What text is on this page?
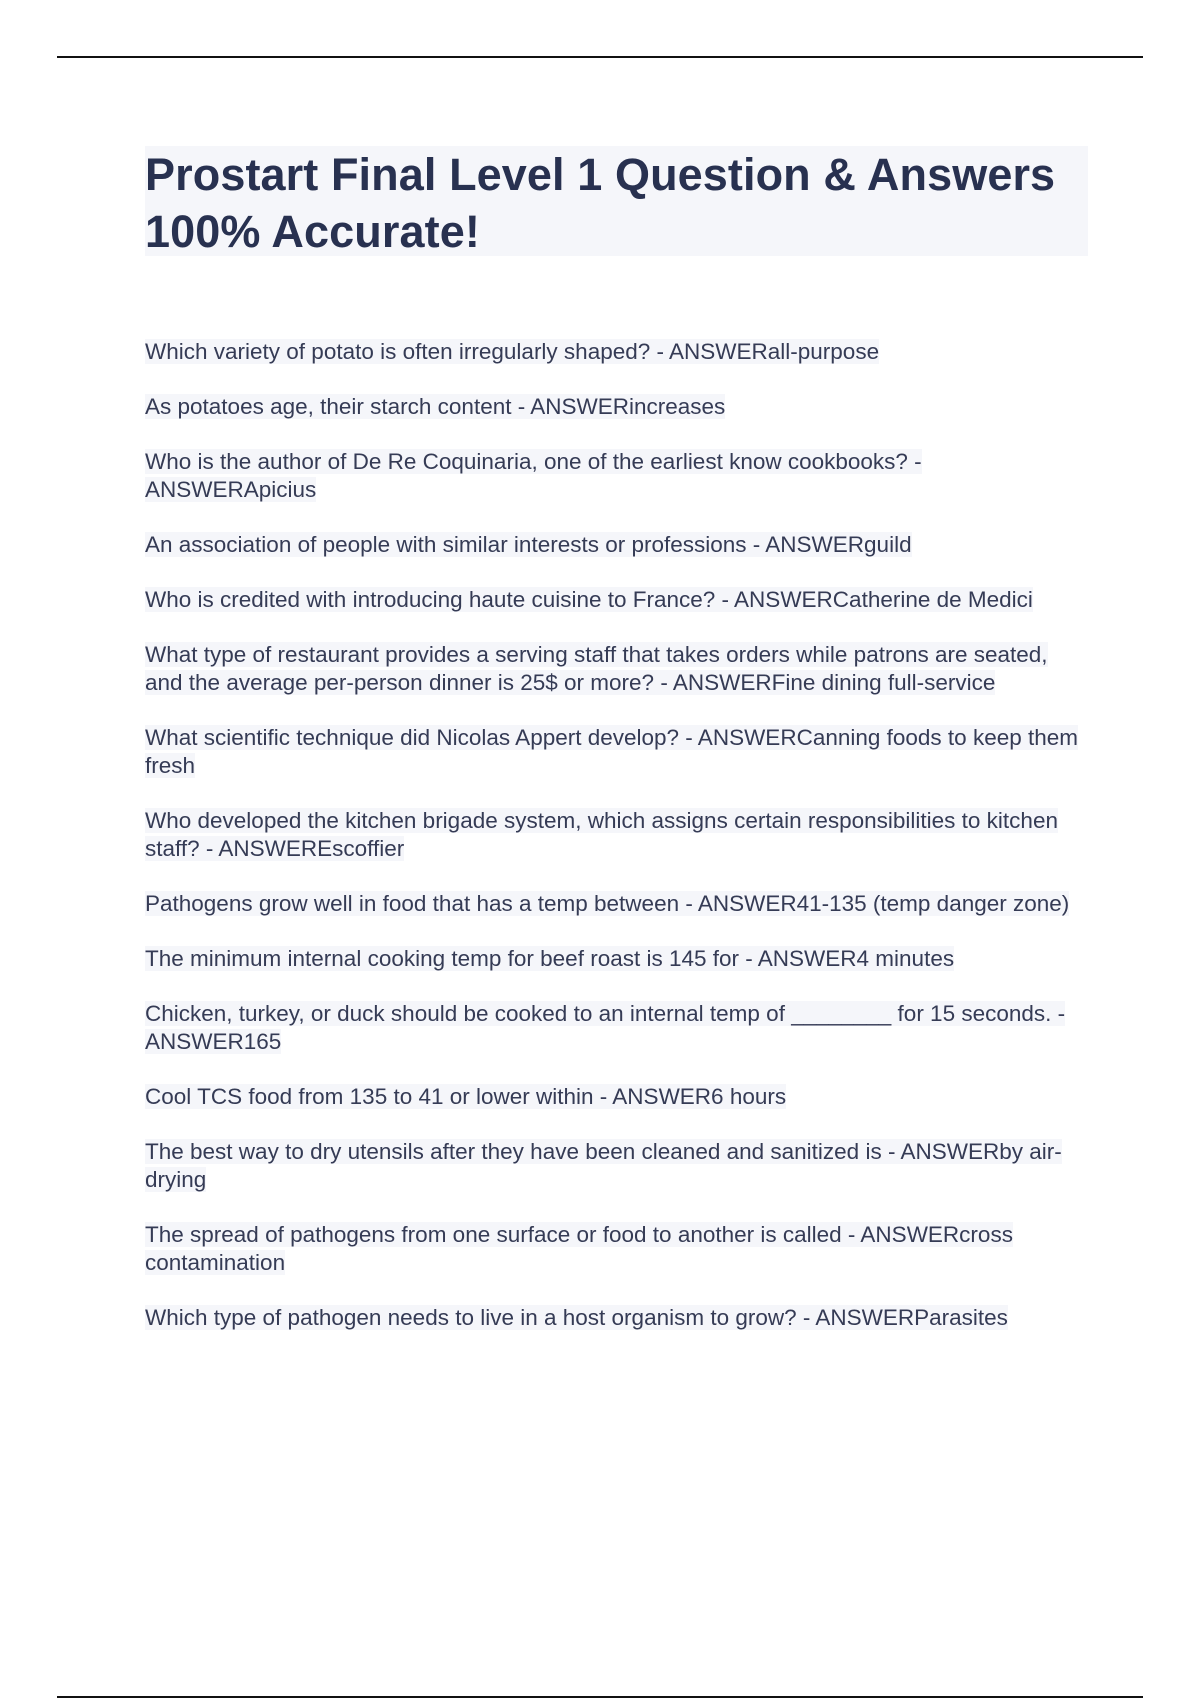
Prostart Final Level 1 Question & Answers 100% Accurate!
Which variety of potato is often irregularly shaped? - ANSWERall-purpose
As potatoes age, their starch content - ANSWERincreases
Who is the author of De Re Coquinaria, one of the earliest know cookbooks? - ANSWERApicius
An association of people with similar interests or professions - ANSWERguild
Who is credited with introducing haute cuisine to France? - ANSWERCatherine de Medici
What type of restaurant provides a serving staff that takes orders while patrons are seated, and the average per-person dinner is 25$ or more? - ANSWERFine dining full-service
What scientific technique did Nicolas Appert develop? - ANSWERCanning foods to keep them fresh
Who developed the kitchen brigade system, which assigns certain responsibilities to kitchen staff? - ANSWEREscoffier
Pathogens grow well in food that has a temp between - ANSWER41-135 (temp danger zone)
The minimum internal cooking temp for beef roast is 145 for - ANSWER4 minutes
Chicken, turkey, or duck should be cooked to an internal temp of ________ for 15 seconds. - ANSWER165
Cool TCS food from 135 to 41 or lower within - ANSWER6 hours
The best way to dry utensils after they have been cleaned and sanitized is - ANSWERby air-drying
The spread of pathogens from one surface or food to another is called - ANSWERcross contamination
Which type of pathogen needs to live in a host organism to grow? - ANSWERParasites
